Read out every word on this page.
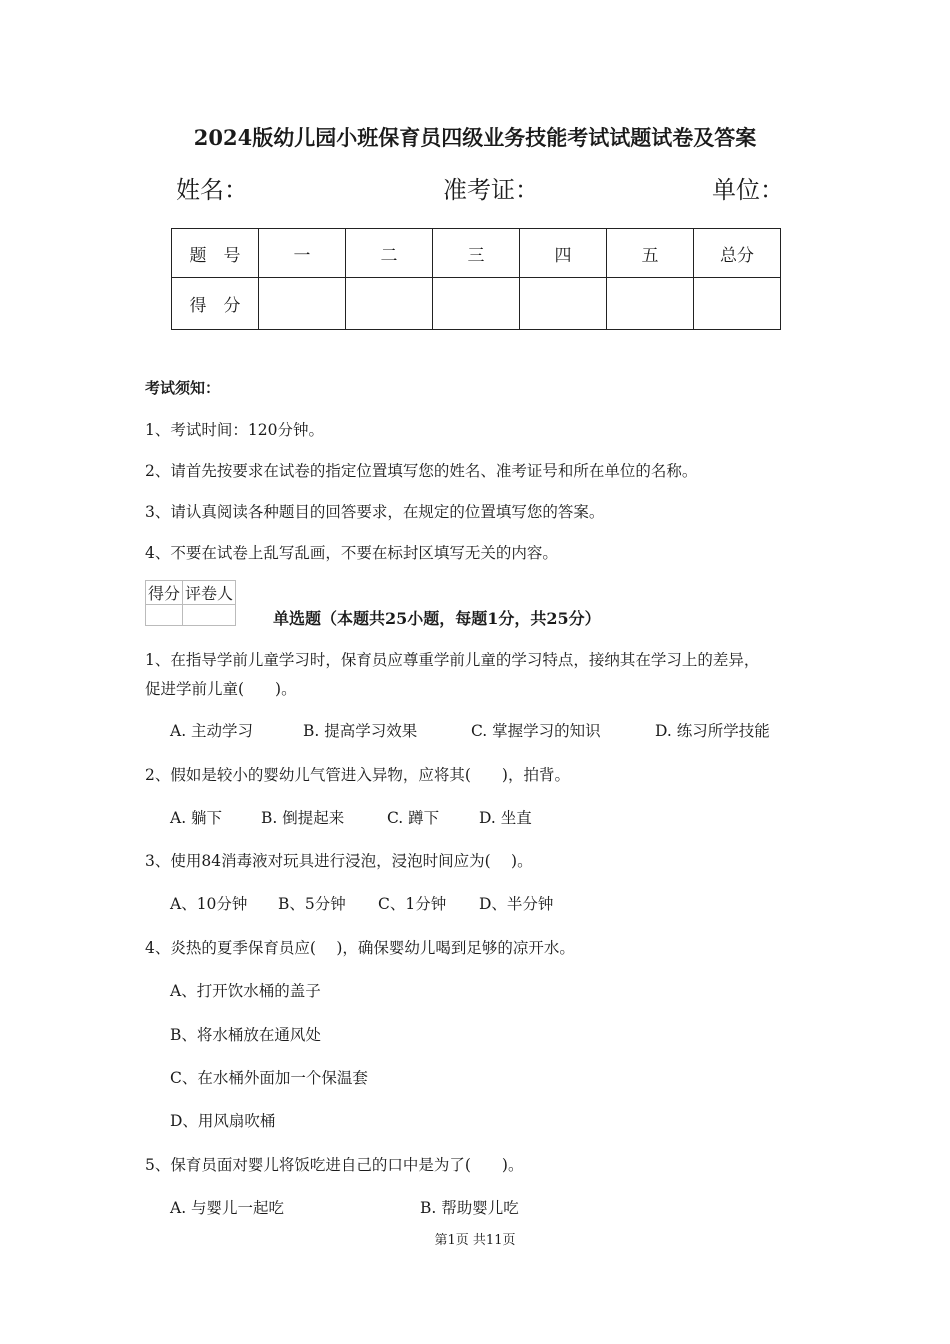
2024版幼儿园小班保育员四级业务技能考试试题试卷及答案
姓名：	准考证：	单位：
题　号	一	二	三	四	五	总分
得　分						
考试须知：
1、考试时间：120分钟。
2、请首先按要求在试卷的指定位置填写您的姓名、准考证号和所在单位的名称。
3、请认真阅读各种题目的回答要求，在规定的位置填写您的答案。
4、不要在试卷上乱写乱画，不要在标封区填写无关的内容。
得分	评卷人

单选题（本题共25小题，每题1分，共25分）
1、在指导学前儿童学习时，保育员应尊重学前儿童的学习特点，接纳其在学习上的差异，
促进学前儿童(　　)。
A. 主动学习	B. 提高学习效果	C. 掌握学习的知识	D. 练习所学技能
2、假如是较小的婴幼儿气管进入异物，应将其(　　)，拍背。
A. 躺下	B. 倒提起来	C. 蹲下	D. 坐直
3、使用84消毒液对玩具进行浸泡，浸泡时间应为(　 )。
A、10分钟 B、5分钟 C、1分钟 D、半分钟
4、炎热的夏季保育员应(　 )，确保婴幼儿喝到足够的凉开水。
A、打开饮水桶的盖子
B、将水桶放在通风处
C、在水桶外面加一个保温套
D、用风扇吹桶
5、保育员面对婴儿将饭吃进自己的口中是为了(　　)。
A. 与婴儿一起吃	B. 帮助婴儿吃
第1页 共11页
